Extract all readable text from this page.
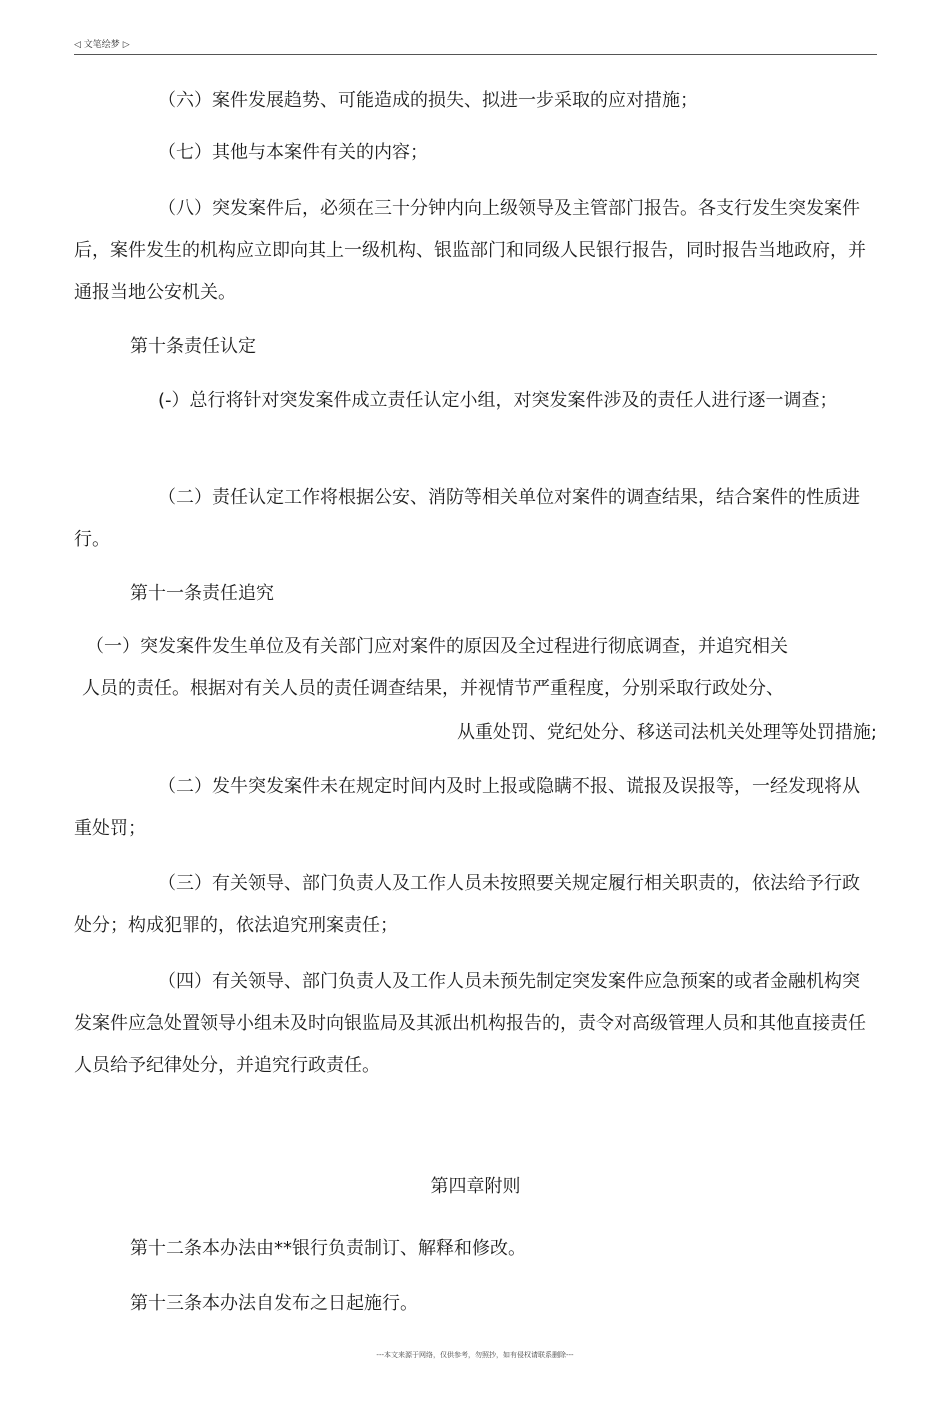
◁ 文笔绘梦 ▷

（六）案件发展趋势、可能造成的损失、拟进一步采取的应对措施；

（七）其他与本案件有关的内容；

（八）突发案件后，必须在三十分钟内向上级领导及主管部门报告。各支行发生突发案件后，案件发生的机构应立即向其上一级机构、银监部门和同级人民银行报告，同时报告当地政府，并通报当地公安机关。

第十条责任认定

(-）总行将针对突发案件成立责任认定小组，对突发案件涉及的责任人进行逐一调查；

（二）责任认定工作将根据公安、消防等相关单位对案件的调查结果，结合案件的性质进行。

第十一条责任追究

（一）突发案件发生单位及有关部门应对案件的原因及全过程进行彻底调查，并追究相关

人员的责任。根据对有关人员的责任调查结果，并视情节严重程度，分别采取行政处分、

从重处罚、党纪处分、移送司法机关处理等处罚措施;

（二）发牛突发案件未在规定时间内及时上报或隐瞒不报、谎报及误报等，一经发现将从重处罚；

（三）有关领导、部门负责人及工作人员未按照要关规定履行相关职责的，依法给予行政处分；构成犯罪的，依法追究刑案责任；

（四）有关领导、部门负责人及工作人员未预先制定突发案件应急预案的或者金融机构突发案件应急处置领导小组未及时向银监局及其派出机构报告的，责令对高级管理人员和其他直接责任人员给予纪律处分，并追究行政责任。

第四章附则

第十二条本办法由**银行负责制订、解释和修改。

第十三条本办法自发布之日起施行。

---本文来源于网络，仅供参考，勿照抄，如有侵权请联系删除---
